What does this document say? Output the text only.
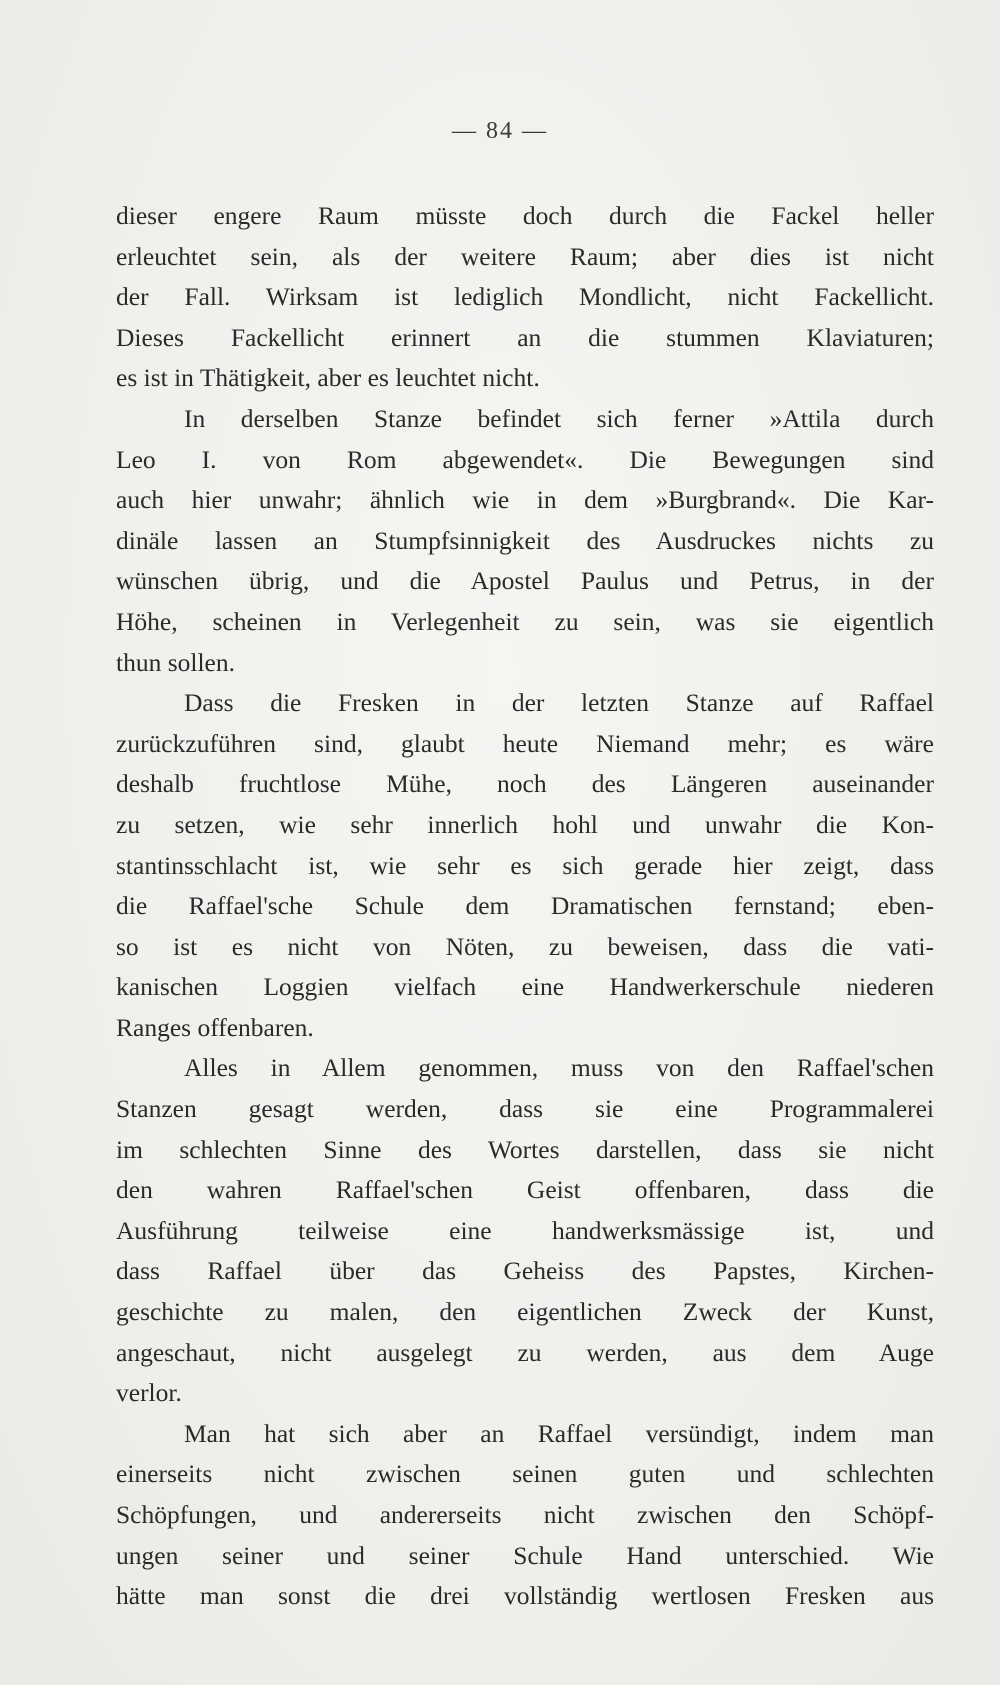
— 84 —
dieser engere Raum müsste doch durch die Fackel heller
erleuchtet sein, als der weitere Raum; aber dies ist nicht
der Fall. Wirksam ist lediglich Mondlicht, nicht Fackellicht.
Dieses Fackellicht erinnert an die stummen Klaviaturen;
es ist in Thätigkeit, aber es leuchtet nicht.
In derselben Stanze befindet sich ferner »Attila durch
Leo I. von Rom abgewendet«. Die Bewegungen sind
auch hier unwahr; ähnlich wie in dem »Burgbrand«. Die Kar-
dinäle lassen an Stumpfsinnigkeit des Ausdruckes nichts zu
wünschen übrig, und die Apostel Paulus und Petrus, in der
Höhe, scheinen in Verlegenheit zu sein, was sie eigentlich
thun sollen.
Dass die Fresken in der letzten Stanze auf Raffael
zurückzuführen sind, glaubt heute Niemand mehr; es wäre
deshalb fruchtlose Mühe, noch des Längeren auseinander
zu setzen, wie sehr innerlich hohl und unwahr die Kon-
stantinsschlacht ist, wie sehr es sich gerade hier zeigt, dass
die Raffael'sche Schule dem Dramatischen fernstand; eben-
so ist es nicht von Nöten, zu beweisen, dass die vati-
kanischen Loggien vielfach eine Handwerkerschule niederen
Ranges offenbaren.
Alles in Allem genommen, muss von den Raffael'schen
Stanzen gesagt werden, dass sie eine Programmalerei
im schlechten Sinne des Wortes darstellen, dass sie nicht
den wahren Raffael'schen Geist offenbaren, dass die
Ausführung teilweise eine handwerksmässige ist, und
dass Raffael über das Geheiss des Papstes, Kirchen-
geschichte zu malen, den eigentlichen Zweck der Kunst,
angeschaut, nicht ausgelegt zu werden, aus dem Auge
verlor.
Man hat sich aber an Raffael versündigt, indem man
einerseits nicht zwischen seinen guten und schlechten
Schöpfungen, und andererseits nicht zwischen den Schöpf-
ungen seiner und seiner Schule Hand unterschied. Wie
hätte man sonst die drei vollständig wertlosen Fresken aus
